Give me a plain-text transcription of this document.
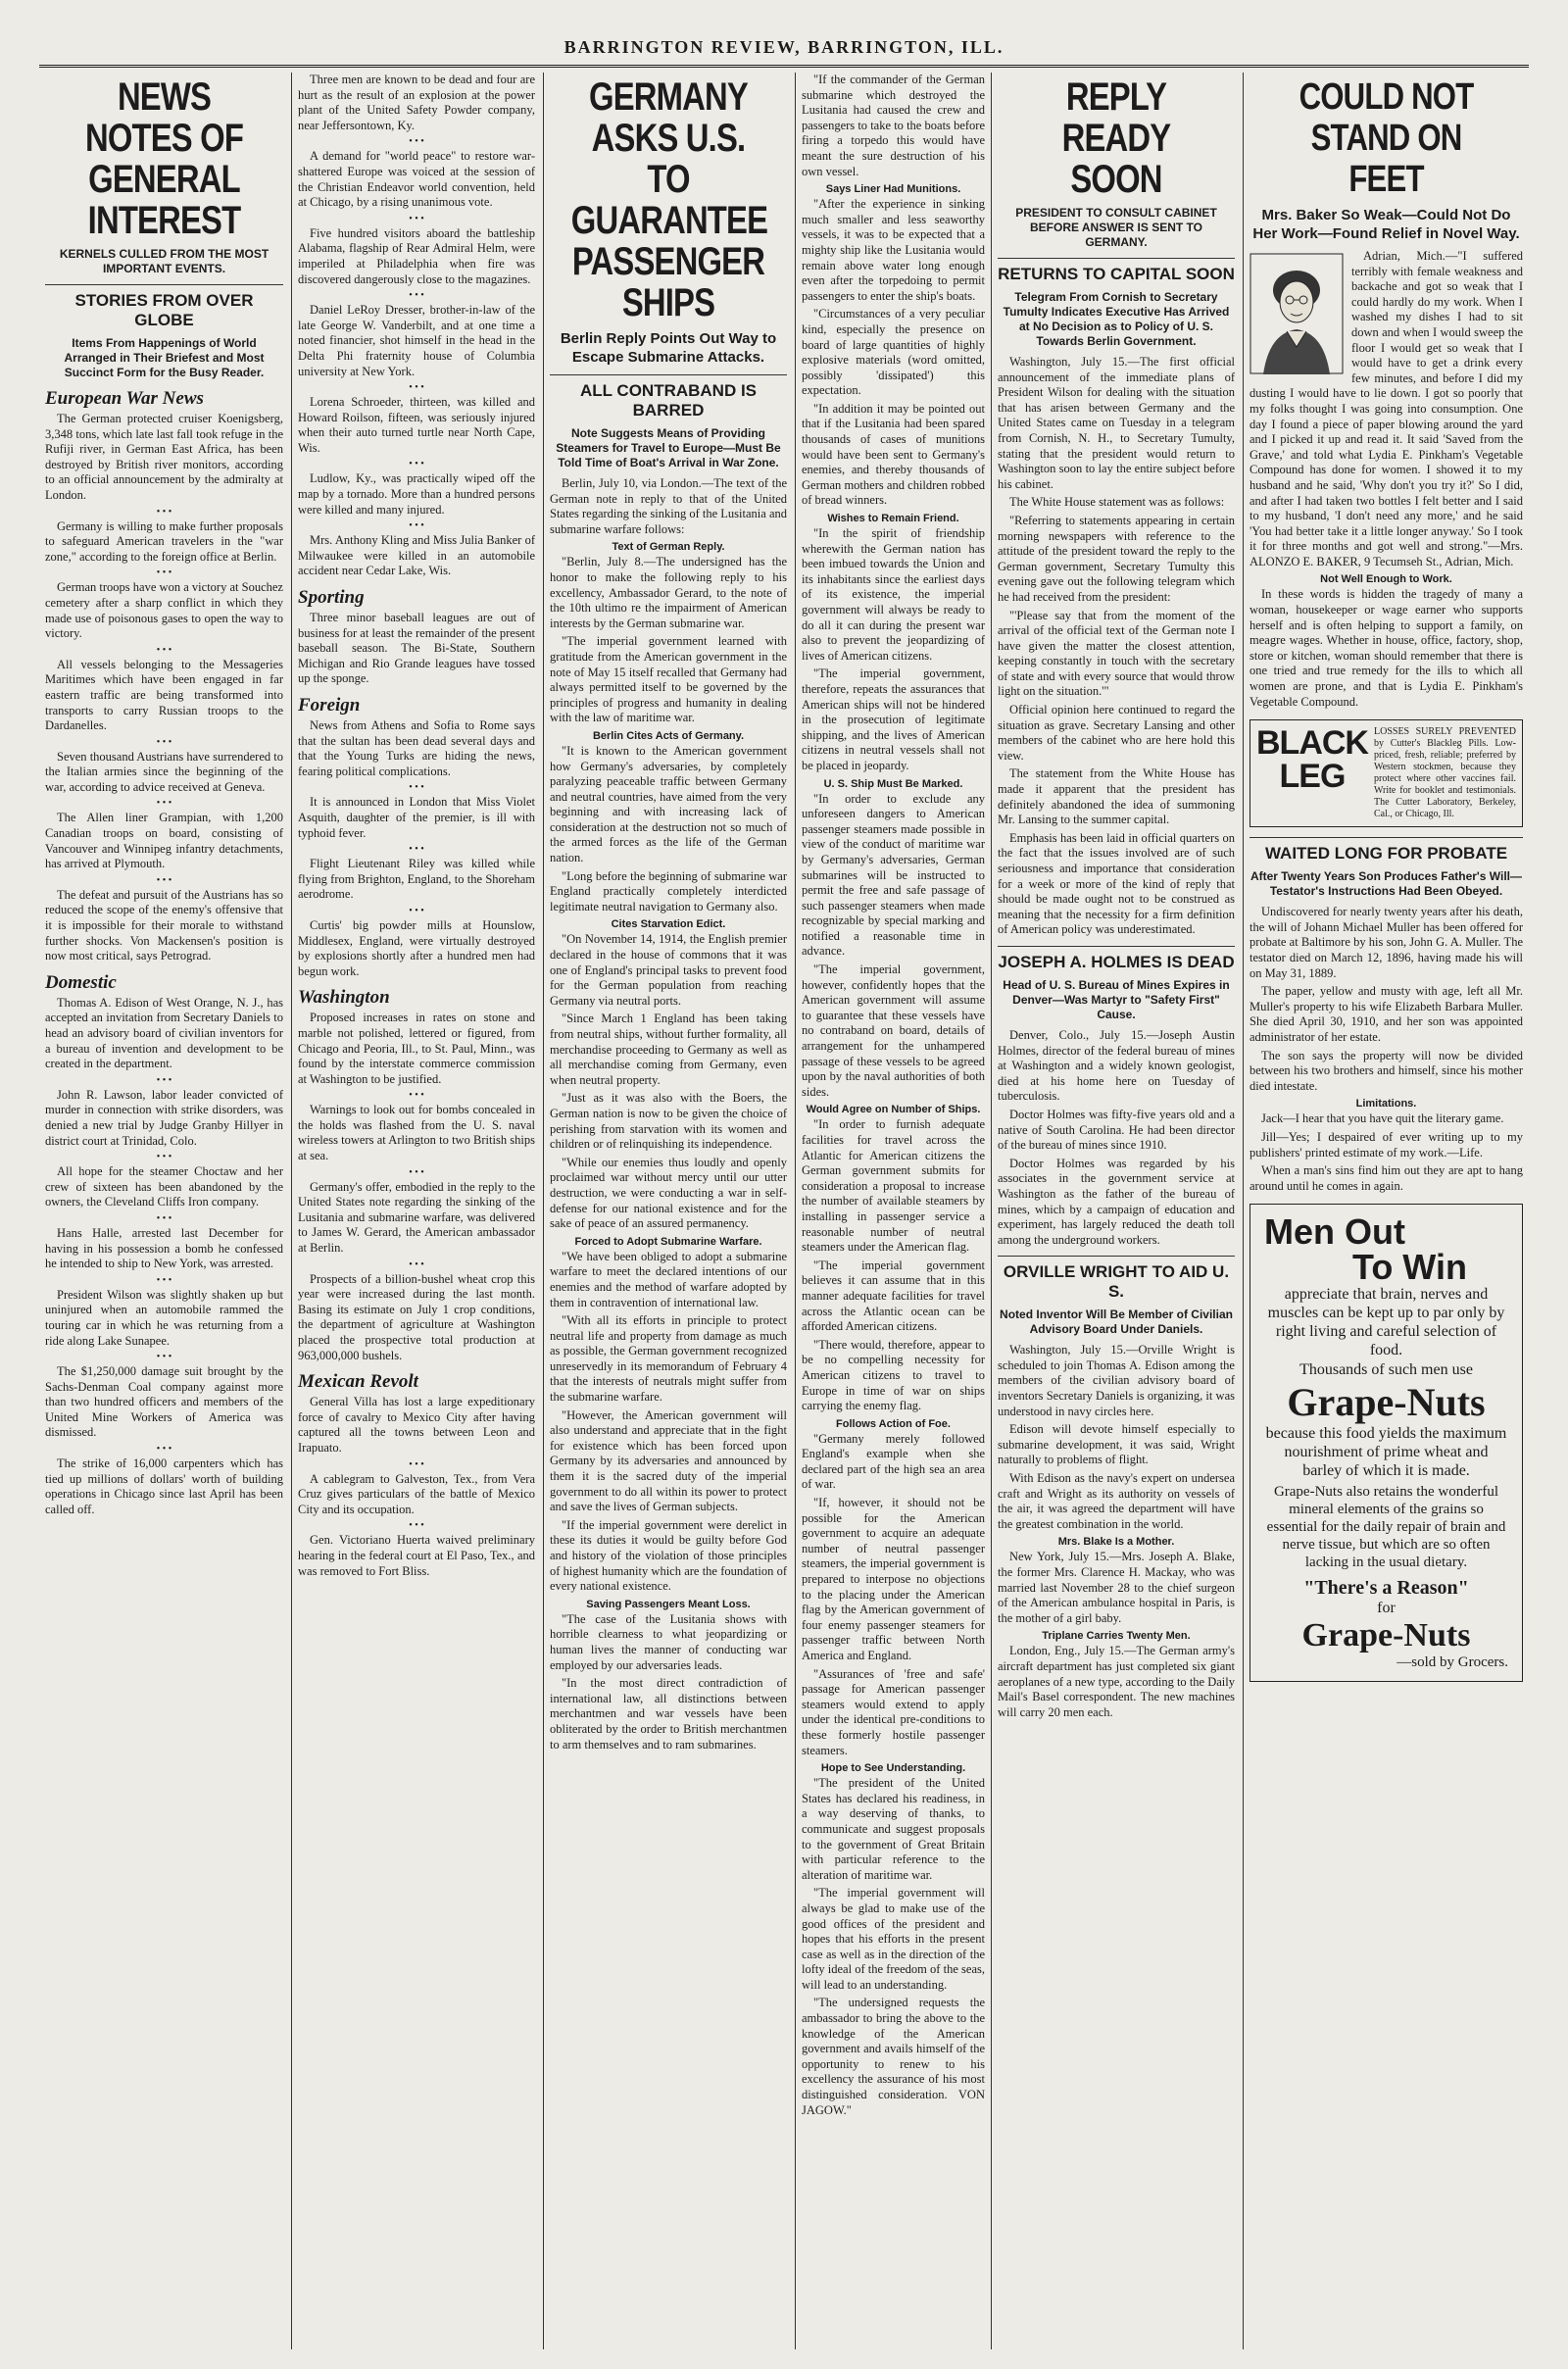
BARRINGTON REVIEW, BARRINGTON, ILL.
NEWS NOTES OF GENERAL INTEREST
KERNELS CULLED FROM THE MOST IMPORTANT EVENTS.
STORIES FROM OVER GLOBE
Items From Happenings of World Arranged in Their Briefest and Most Succinct Form for the Busy Reader.
European War News

The German protected cruiser Koenigsberg, 3,348 tons, which late last fall took refuge in the Rufiji river, in German East Africa, has been destroyed by British river monitors, according to an official announcement by the admiralty at London.

• • •

Germany is willing to make further proposals to safeguard American travelers in the "war zone," according to the foreign office at Berlin.

• • •

German troops have won a victory at Souchez cemetery after a sharp conflict in which they made use of poisonous gases to open the way to victory.

• • •

All vessels belonging to the Messageries Maritimes which have been engaged in far eastern traffic are being transformed into transports to carry Russian troops to the Dardanelles.

• • •

Seven thousand Austrians have surrendered to the Italian armies since the beginning of the war, according to advice received at Geneva.

• • •

The Allen liner Grampian, with 1,200 Canadian troops on board, consisting of Vancouver and Winnipeg infantry detachments, has arrived at Plymouth.

• • •

The defeat and pursuit of the Austrians has so reduced the scope of the enemy's offensive that it is impossible for their morale to withstand further shocks. Von Mackensen's position is now most critical, says Petrograd.

Domestic

Thomas A. Edison of West Orange, N. J., has accepted an invitation from Secretary Daniels to head an advisory board of civilian inventors for a bureau of invention and development to be created in the department.

• • •

John R. Lawson, labor leader convicted of murder in connection with strike disorders, was denied a new trial by Judge Granby Hillyer in district court at Trinidad, Colo.

• • •

All hope for the steamer Choctaw and her crew of sixteen has been abandoned by the owners, the Cleveland Cliffs Iron company.

• • •

Hans Halle, arrested last December for having in his possession a bomb he confessed he intended to ship to New York, was arrested.

• • •

President Wilson was slightly shaken up but uninjured when an automobile rammed the touring car in which he was returning from a ride along Lake Sunapee.

• • •

The $1,250,000 damage suit brought by the Sachs-Denman Coal company against more than two hundred officers and members of the United Mine Workers of America was dismissed.

• • •

The strike of 16,000 carpenters which has tied up millions of dollars' worth of building operations in Chicago since last April has been called off.

Three men are known to be dead and four are hurt as the result of an explosion at the power plant of the United Safety Powder company, near Jeffersontown, Ky.

• • •

A demand for "world peace" to restore war-shattered Europe was voiced at the session of the Christian Endeavor world convention, held at Chicago, by a rising unanimous vote.

• • •

Five hundred visitors aboard the battleship Alabama, flagship of Rear Admiral Helm, were imperiled at Philadelphia when fire was discovered dangerously close to the magazines.

• • •

Daniel LeRoy Dresser, brother-in-law of the late George W. Vanderbilt, and at one time a noted financier, shot himself in the head in the Delta Phi fraternity house of Columbia university at New York.

• • •

Lorena Schroeder, thirteen, was killed and Howard Roilson, fifteen, was seriously injured when their auto turned turtle near North Cape, Wis.

• • •

Ludlow, Ky., was practically wiped off the map by a tornado. More than a hundred persons were killed and many injured.

• • •

Mrs. Anthony Kling and Miss Julia Banker of Milwaukee were killed in an automobile accident near Cedar Lake, Wis.

Sporting

Three minor baseball leagues are out of business for at least the remainder of the present baseball season. The Bi-State, Southern Michigan and Rio Grande leagues have tossed up the sponge.

Foreign

News from Athens and Sofia to Rome says that the sultan has been dead several days and that the Young Turks are hiding the news, fearing political complications.

• • •

It is announced in London that Miss Violet Asquith, daughter of the premier, is ill with typhoid fever.

• • •

Flight Lieutenant Riley was killed while flying from Brighton, England, to the Shoreham aerodrome.

• • •

Curtis' big powder mills at Hounslow, Middlesex, England, were virtually destroyed by explosions shortly after a hundred men had begun work.

Washington

Proposed increases in rates on stone and marble not polished, lettered or figured, from Chicago and Peoria, Ill., to St. Paul, Minn., was found by the interstate commerce commission at Washington to be justified.

• • •

Warnings to look out for bombs concealed in the holds was flashed from the U. S. naval wireless towers at Arlington to two British ships at sea.

• • •

Germany's offer, embodied in the reply to the United States note regarding the sinking of the Lusitania and submarine warfare, was delivered to James W. Gerard, the American ambassador at Berlin.

• • •

Prospects of a billion-bushel wheat crop this year were increased during the last month. Basing its estimate on July 1 crop conditions, the department of agriculture at Washington placed the prospective total production at 963,000,000 bushels.

Mexican Revolt

General Villa has lost a large expeditionary force of cavalry to Mexico City after having captured all the towns between Leon and Irapuato.

• • •

A cablegram to Galveston, Tex., from Vera Cruz gives particulars of the battle of Mexico City and its occupation.

• • •

Gen. Victoriano Huerta waived preliminary hearing in the federal court at El Paso, Tex., and was removed to Fort Bliss.

GERMANY ASKS U.S. TO GUARANTEE PASSENGER SHIPS
Berlin Reply Points Out Way to Escape Submarine Attacks.
ALL CONTRABAND IS BARRED
Note Suggests Means of Providing Steamers for Travel to Europe—Must Be Told Time of Boat's Arrival in War Zone.

Berlin, July 10, via London.—The text of the German note in reply to that of the United States regarding the sinking of the Lusitania and submarine warfare follows:

Text of German Reply.

"Berlin, July 8.—The undersigned has the honor to make the following reply to his excellency, Ambassador Gerard, to the note of the 10th ultimo re the impairment of American interests by the German submarine war.

"The imperial government learned with gratitude from the American government in the note of May 15 itself recalled that Germany had always permitted itself to be governed by the principles of progress and humanity in dealing with the law of maritime war.

Berlin Cites Acts of Germany.

"It is known to the American government how Germany's adversaries, by completely paralyzing peaceable traffic between Germany and neutral countries, have aimed from the very beginning and with increasing lack of consideration at the destruction not so much of the armed forces as the life of the German nation.

"Long before the beginning of submarine war England practically completely interdicted legitimate neutral navigation to Germany also.

Cites Starvation Edict.

"On November 14, 1914, the English premier declared in the house of commons that it was one of England's principal tasks to prevent food for the German population from reaching Germany via neutral ports.

"Since March 1 England has been taking from neutral ships, without further formality, all merchandise proceeding to Germany as well as all merchandise coming from Germany, even when neutral property.

"Just as it was also with the Boers, the German nation is now to be given the choice of perishing from starvation with its women and children or of relinquishing its independence.

"While our enemies thus loudly and openly proclaimed war without mercy until our utter destruction, we were conducting a war in self-defense for our national existence and for the sake of peace of an assured permanency.

Forced to Adopt Submarine Warfare.

"We have been obliged to adopt a submarine warfare to meet the declared intentions of our enemies and the method of warfare adopted by them in contravention of international law.

"With all its efforts in principle to protect neutral life and property from damage as much as possible, the German government recognized unreservedly in its memorandum of February 4 that the interests of neutrals might suffer from the submarine warfare.

"However, the American government will also understand and appreciate that in the fight for existence which has been forced upon Germany by its adversaries and announced by them it is the sacred duty of the imperial government to do all within its power to protect and save the lives of German subjects.

"If the imperial government were derelict in these its duties it would be guilty before God and history of the violation of those principles of highest humanity which are the foundation of every national existence.

Saving Passengers Meant Loss.

"The case of the Lusitania shows with horrible clearness to what jeopardizing or human lives the manner of conducting war employed by our adversaries leads.

"In the most direct contradiction of international law, all distinctions between merchantmen and war vessels have been obliterated by the order to British merchantmen to arm themselves and to ram submarines.

"If the commander of the German submarine which destroyed the Lusitania had caused the crew and passengers to take to the boats before firing a torpedo this would have meant the sure destruction of his own vessel.

Says Liner Had Munitions.

"After the experience in sinking much smaller and less seaworthy vessels, it was to be expected that a mighty ship like the Lusitania would remain above water long enough even after the torpedoing to permit passengers to enter the ship's boats.

"Circumstances of a very peculiar kind, especially the presence on board of large quantities of highly explosive materials (word omitted, possibly 'dissipated') this expectation.

"In addition it may be pointed out that if the Lusitania had been spared thousands of cases of munitions would have been sent to Germany's enemies, and thereby thousands of German mothers and children robbed of bread winners.

Wishes to Remain Friend.

"In the spirit of friendship wherewith the German nation has been imbued towards the Union and its inhabitants since the earliest days of its existence, the imperial government will always be ready to do all it can during the present war also to prevent the jeopardizing of lives of American citizens.

"The imperial government, therefore, repeats the assurances that American ships will not be hindered in the prosecution of legitimate shipping, and the lives of American citizens in neutral vessels shall not be placed in jeopardy.

U. S. Ship Must Be Marked.

"In order to exclude any unforeseen dangers to American passenger steamers made possible in view of the conduct of maritime war by Germany's adversaries, German submarines will be instructed to permit the free and safe passage of such passenger steamers when made recognizable by special marking and notified a reasonable time in advance.

"The imperial government, however, confidently hopes that the American government will assume to guarantee that these vessels have no contraband on board, details of arrangement for the unhampered passage of these vessels to be agreed upon by the naval authorities of both sides.

Would Agree on Number of Ships.

"In order to furnish adequate facilities for travel across the Atlantic for American citizens the German government submits for consideration a proposal to increase the number of available steamers by installing in passenger service a reasonable number of neutral steamers under the American flag.

"The imperial government believes it can assume that in this manner adequate facilities for travel across the Atlantic ocean can be afforded American citizens.

"There would, therefore, appear to be no compelling necessity for American citizens to travel to Europe in time of war on ships carrying the enemy flag.

Follows Action of Foe.

"Germany merely followed England's example when she declared part of the high sea an area of war.

"If, however, it should not be possible for the American government to acquire an adequate number of neutral passenger steamers, the imperial government is prepared to interpose no objections to the placing under the American flag by the American government of four enemy passenger steamers for passenger traffic between North America and England.

"Assurances of 'free and safe' passage for American passenger steamers would extend to apply under the identical pre-conditions to these formerly hostile passenger steamers.

Hope to See Understanding.

"The president of the United States has declared his readiness, in a way deserving of thanks, to communicate and suggest proposals to the government of Great Britain with particular reference to the alteration of maritime war.

"The imperial government will always be glad to make use of the good offices of the president and hopes that his efforts in the present case as well as in the direction of the lofty ideal of the freedom of the seas, will lead to an understanding.

"The undersigned requests the ambassador to bring the above to the knowledge of the American government and avails himself of the opportunity to renew to his excellency the assurance of his most distinguished consideration. VON JAGOW."

REPLY READY SOON
PRESIDENT TO CONSULT CABINET BEFORE ANSWER IS SENT TO GERMANY.
RETURNS TO CAPITAL SOON
Telegram From Cornish to Secretary Tumulty Indicates Executive Has Arrived at No Decision as to Policy of U. S. Towards Berlin Government.

Washington, July 15.—The first official announcement of the immediate plans of President Wilson for dealing with the situation that has arisen between Germany and the United States came on Tuesday in a telegram from Cornish, N. H., to Secretary Tumulty, stating that the president would return to Washington soon to lay the entire subject before his cabinet.

The White House statement was as follows:

"Referring to statements appearing in certain morning newspapers with reference to the attitude of the president toward the reply to the German government, Secretary Tumulty this evening gave out the following telegram which he had received from the president:

"'Please say that from the moment of the arrival of the official text of the German note I have given the matter the closest attention, keeping constantly in touch with the secretary of state and with every source that would throw light on the situation.'"

Official opinion here continued to regard the situation as grave. Secretary Lansing and other members of the cabinet who are here hold this view.

The statement from the White House has made it apparent that the president has definitely abandoned the idea of summoning Mr. Lansing to the summer capital.

Emphasis has been laid in official quarters on the fact that the issues involved are of such seriousness and importance that consideration for a week or more of the kind of reply that should be made ought not to be construed as meaning that the necessity for a firm definition of American policy was underestimated.

JOSEPH A. HOLMES IS DEAD
Head of U. S. Bureau of Mines Expires in Denver—Was Martyr to "Safety First" Cause.

Denver, Colo., July 15.—Joseph Austin Holmes, director of the federal bureau of mines at Washington and a widely known geologist, died at his home here on Tuesday of tuberculosis.

Doctor Holmes was fifty-five years old and a native of South Carolina. He had been director of the bureau of mines since 1910.

Doctor Holmes was regarded by his associates in the government service at Washington as the father of the bureau of mines, which by a campaign of education and experiment, has largely reduced the death toll among the underground workers.

ORVILLE WRIGHT TO AID U. S.
Noted Inventor Will Be Member of Civilian Advisory Board Under Daniels.

Washington, July 15.—Orville Wright is scheduled to join Thomas A. Edison among the members of the civilian advisory board of inventors Secretary Daniels is organizing, it was understood in navy circles here.

Edison will devote himself especially to submarine development, it was said, Wright naturally to problems of flight.

With Edison as the navy's expert on undersea craft and Wright as its authority on vessels of the air, it was agreed the department will have the greatest combination in the world.

Mrs. Blake Is a Mother.

New York, July 15.—Mrs. Joseph A. Blake, the former Mrs. Clarence H. Mackay, who was married last November 28 to the chief surgeon of the American ambulance hospital in Paris, is the mother of a girl baby.

Triplane Carries Twenty Men.

London, Eng., July 15.—The German army's aircraft department has just completed six giant aeroplanes of a new type, according to the Daily Mail's Basel correspondent. The new machines will carry 20 men each.

COULD NOT STAND ON FEET
Mrs. Baker So Weak—Could Not Do Her Work—Found Relief in Novel Way.

Adrian, Mich.—"I suffered terribly with female weakness and backache and got so weak that I could hardly do my work. When I washed my dishes I had to sit down and when I would sweep the floor I would get so weak that I would have to get a drink every few minutes, and before I did my dusting I would have to lie down. I got so poorly that my folks thought I was going into consumption. One day I found a piece of paper blowing around the yard and I picked it up and read it. It said 'Saved from the Grave,' and told what Lydia E. Pinkham's Vegetable Compound has done for women. I showed it to my husband and he said, 'Why don't you try it?' So I did, and after I had taken two bottles I felt better and I said to my husband, 'I don't need any more,' and he said 'You had better take it a little longer anyway.' So I took it for three months and got well and strong."—Mrs. ALONZO E. BAKER, 9 Tecumseh St., Adrian, Mich.

Not Well Enough to Work.

In these words is hidden the tragedy of many a woman, housekeeper or wage earner who supports herself and is often helping to support a family, on meagre wages. Whether in house, office, factory, shop, store or kitchen, woman should remember that there is one tried and true remedy for the ills to which all women are prone, and that is Lydia E. Pinkham's Vegetable Compound.

BLACK
LEG
LOSSES SURELY PREVENTED by Cutter's Blackleg Pills. Low-priced, fresh, reliable; preferred by Western stockmen, because they protect where other vaccines fail. Write for booklet and testimonials. The Cutter Laboratory, Berkeley, Cal., or Chicago, Ill.
WAITED LONG FOR PROBATE
After Twenty Years Son Produces Father's Will—Testator's Instructions Had Been Obeyed.

Undiscovered for nearly twenty years after his death, the will of Johann Michael Muller has been offered for probate at Baltimore by his son, John G. A. Muller. The testator died on March 12, 1896, having made his will on May 31, 1889.

The paper, yellow and musty with age, left all Mr. Muller's property to his wife Elizabeth Barbara Muller. She died April 30, 1910, and her son was appointed administrator of her estate.

The son says the property will now be divided between his two brothers and himself, since his mother died intestate.

Limitations.

Jack—I hear that you have quit the literary game.

Jill—Yes; I despaired of ever writing up to my publishers' printed estimate of my work.—Life.

When a man's sins find him out they are apt to hang around until he comes in again.

Men Out
To Win

appreciate that brain, nerves and muscles can be kept up to par only by right living and careful selection of food.

Thousands of such men use

Grape-Nuts

because this food yields the maximum nourishment of prime wheat and barley of which it is made.

Grape-Nuts also retains the wonderful mineral elements of the grains so essential for the daily repair of brain and nerve tissue, but which are so often lacking in the usual dietary.

"There's a Reason"
for
Grape-Nuts
—sold by Grocers.
